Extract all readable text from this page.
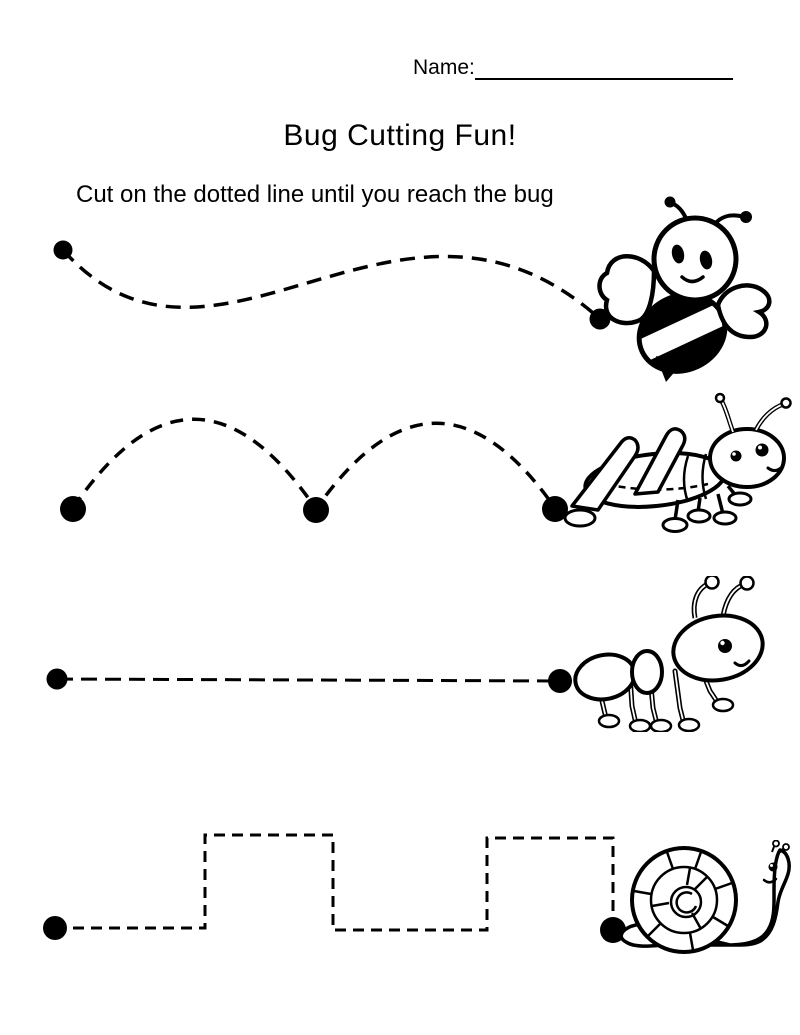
Name:
Bug Cutting Fun!

Cut on the dotted line until you reach the bug
